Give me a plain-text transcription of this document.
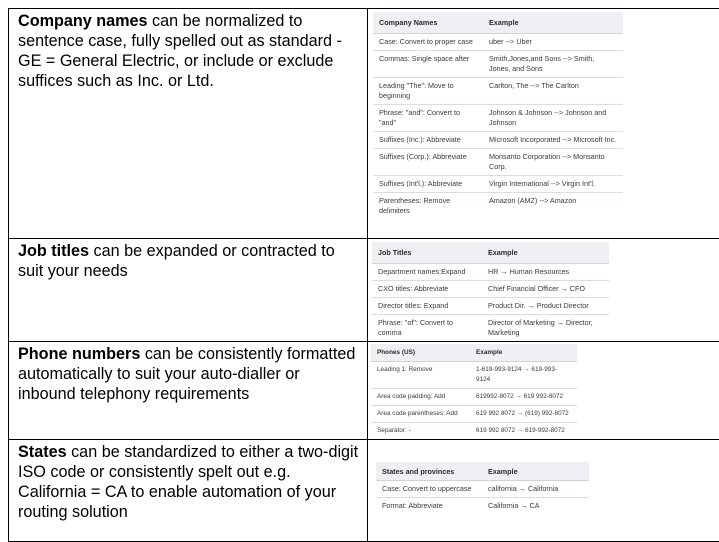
Company names can be normalized to sentence case, fully spelled out as standard - GE = General Electric, or include or exclude suffices such as Inc. or Ltd.	
Company Names	Example
Case: Convert to proper case	uber --> Uber
Commas: Single space after	Smith,Jones,and Sons --> Smith, Jones, and Sons
Leading "The": Move to beginning	Carlton, The --> The Carlton
Phrase: "and": Convert to "and"	Johnson & Johnson --> Johnson and Johnson
Suffixes (Inc.): Abbreviate	Microsoft Incorporated --> Microsoft Inc.
Suffixes (Corp.): Abbreviate	Monsanto Corporation --> Monsanto Corp.
Suffixes (Int'l.): Abbreviate	Virgin International --> Virgin Int'l.
Parentheses: Remove delimiters	Amazon (AMZ) --> Amazon

Job titles can be expanded or contracted to suit your needs	
Job Titles	Example
Department names:Expand	HR → Human Resources
CXO titles: Abbreviate	Chief Financial Officer → CFO
Director titles: Expand	Product Dir. → Product Director
Phrase: "of": Convert to comma	Director of Marketing → Director, Marketing

Phone numbers can be consistently formatted automatically to suit your auto-dialler or inbound telephony requirements	
Phones (US)	Example
Leading 1: Remove	1-619-993-9124 → 619-993-9124
Area code padding: Add	619992-8072 → 619 992-8072
Area code parentheses: Add	619 992 8072 → (619) 992-8072
Separator: -	619 992 8072 → 619-992-8072

States can be standardized to either a two-digit ISO code or consistently spelt out e.g. California = CA to enable automation of your routing solution	
States and provinces	Example
Case: Convert to uppercase	california → California
Format: Abbreviate	California → CA
